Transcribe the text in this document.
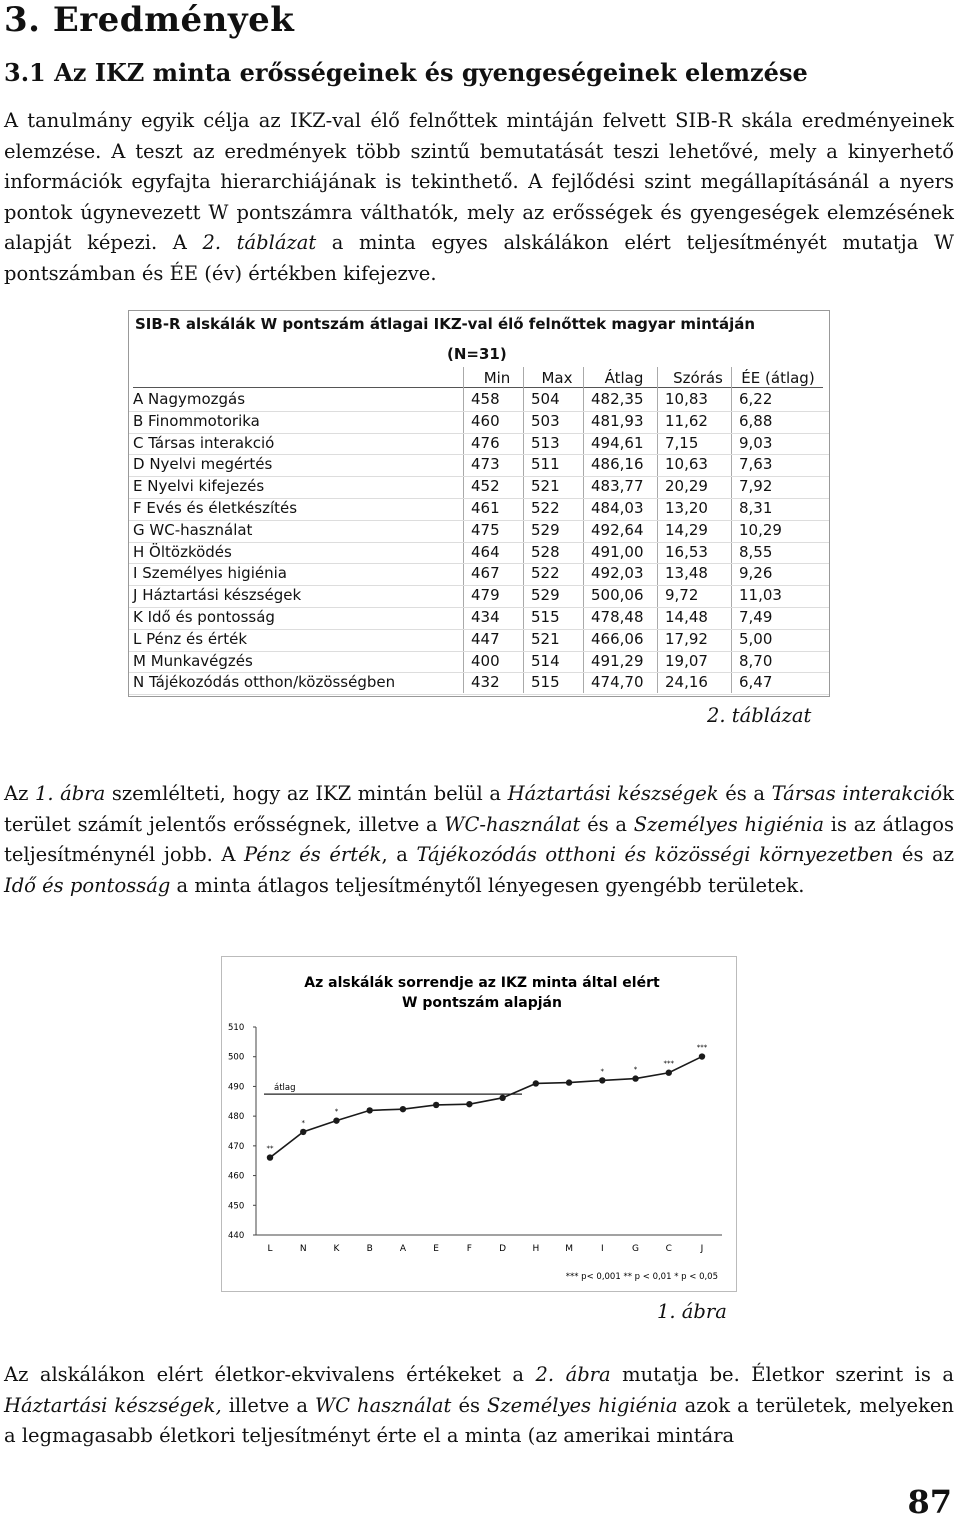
3. Eredmények
3.1 Az IKZ minta erősségeinek és gyengeségeinek elemzése
A tanulmány egyik célja az IKZ-val élő felnőttek mintáján felvett SIB-R skála eredményeinek elemzése. A teszt az eredmények több szintű bemutatását teszi lehetővé, mely a kinyerhető információk egyfajta hierarchiájának is tekinthető. A fejlődési szint megállapításánál a nyers pontok úgynevezett W pontszámra válthatók, mely az erősségek és gyengeségek elemzésének alapját képezi. A 2. táblázat a minta egyes alskálákon elért teljesítményét mutatja W pontszámban és ÉE (év) értékben kifejezve.
SIB-R alskálák W pontszám átlagai IKZ-val élő felnőttek magyar mintáján
(N=31)
Min	Max	Átlag	Szórás	ÉE (átlag)
A Nagymozgás	458 504 482,35 10,83 6,22
B Finommotorika	460 503 481,93 11,62 6,88
C Társas interakció	476 513 494,61 7,15	9,03
D Nyelvi megértés	473 511 486,16 10,63 7,63
E Nyelvi kifejezés	452 521 483,77 20,29 7,92
F Evés és életkészítés	461 522 484,03 13,20 8,31
G WC-használat	475 529 492,64 14,29 10,29
H Öltözködés	464 528 491,00 16,53 8,55
I Személyes higiénia	467 522 492,03 13,48 9,26
J Háztartási készségek	479 529 500,06 9,72	11,03
K Idő és pontosság	434 515 478,48 14,48 7,49
L Pénz és érték	447 521 466,06 17,92 5,00
M Munkavégzés	400 514 491,29 19,07 8,70
N Tájékozódás otthon/közösségben	432 515 474,70 24,16 6,47
2. táblázat
Az 1. ábra szemlélteti, hogy az IKZ mintán belül a Háztartási készségek és a Társas interakciók terület számít jelentős erősségnek, illetve a WC-használat és a Személyes higiénia is az átlagos teljesítménynél jobb. A Pénz és érték, a Tájékozódás otthoni és közösségi környezetben és az Idő és pontosság a minta átlagos teljesítménytől lényegesen gyengébb területek.
Az alskálák sorrendje az IKZ minta által elért
W pontszám alapján
440
450
460
470
480
490
500
510
átlag
**
*
*
*	*
***
***
L	N	K	B	A	E	F	D	H	M	I	G	C	J
*** p< 0,001 ** p < 0,01 * p < 0,05
1. ábra
Az alskálákon elért életkor-ekvivalens értékeket a 2. ábra mutatja be. Életkor szerint is a Háztartási készségek, illetve a WC használat és Személyes higiénia azok a területek, melyeken a legmagasabb életkori teljesítményt érte el a minta (az amerikai mintára
87
